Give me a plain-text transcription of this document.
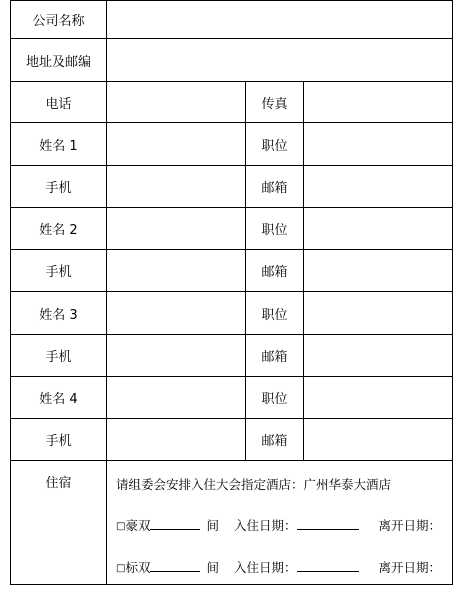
公司名称
地址及邮编
电话	传真
姓名 1	职位
手机	邮箱
姓名 2	职位
手机	邮箱
姓名 3	职位
手机	邮箱
姓名 4	职位
手机	邮箱
住宿	请组委会安排入住大会指定酒店：广州华泰大酒店
□豪双	间 入住日期：	离开日期：
□标双	间 入住日期：	离开日期：
